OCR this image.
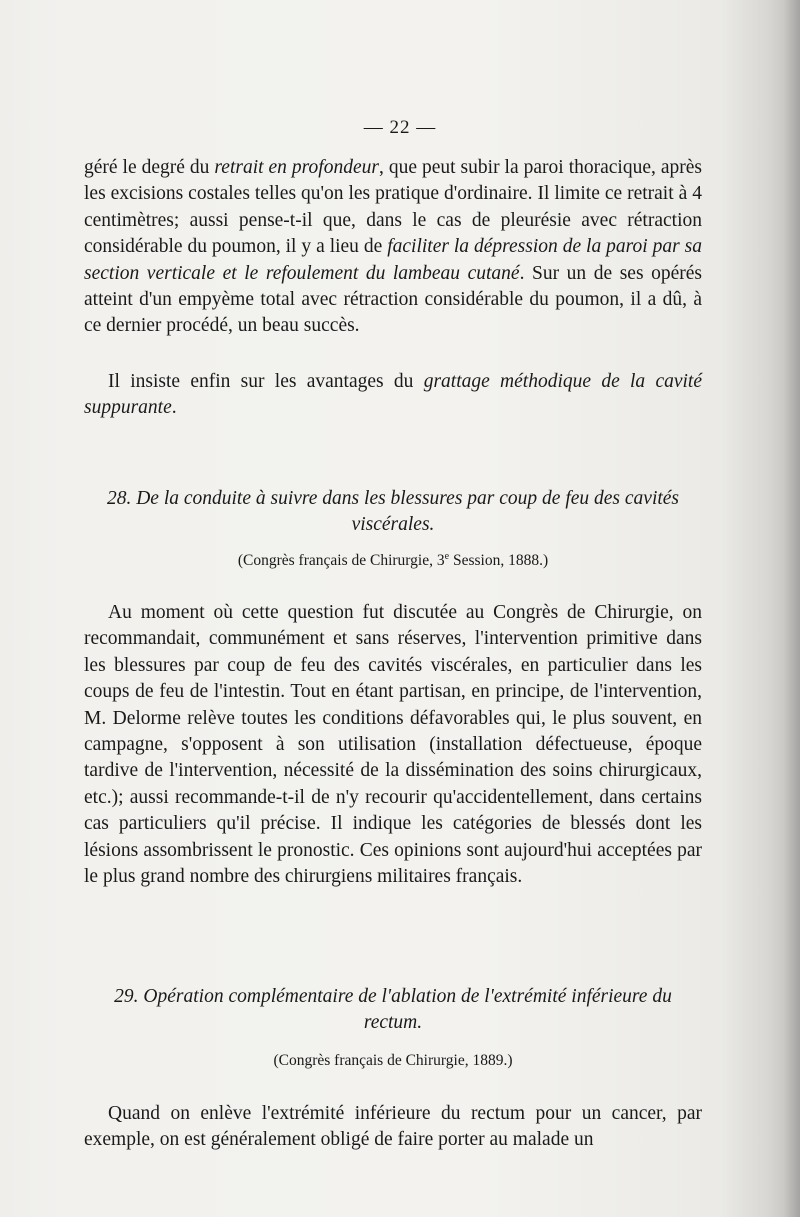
— 22 —

géré le degré du retrait en profondeur, que peut subir la paroi thoracique, après les excisions costales telles qu'on les pratique d'ordinaire. Il limite ce retrait à 4 centimètres; aussi pense-t-il que, dans le cas de pleurésie avec rétraction considérable du poumon, il y a lieu de faciliter la dépression de la paroi par sa section verticale et le refoulement du lambeau cutané. Sur un de ses opérés atteint d'un empyème total avec rétraction considérable du poumon, il a dû, à ce dernier procédé, un beau succès.

Il insiste enfin sur les avantages du grattage méthodique de la cavité suppurante.

28. De la conduite à suivre dans les blessures par coup de feu des cavités viscérales.

(Congrès français de Chirurgie, 3e Session, 1888.)

Au moment où cette question fut discutée au Congrès de Chirurgie, on recommandait, communément et sans réserves, l'intervention primitive dans les blessures par coup de feu des cavités viscérales, en particulier dans les coups de feu de l'intestin. Tout en étant partisan, en principe, de l'intervention, M. Delorme relève toutes les conditions défavorables qui, le plus souvent, en campagne, s'opposent à son utilisation (installation défectueuse, époque tardive de l'intervention, nécessité de la dissémination des soins chirurgicaux, etc.); aussi recommande-t-il de n'y recourir qu'accidentellement, dans certains cas particuliers qu'il précise. Il indique les catégories de blessés dont les lésions assombrissent le pronostic. Ces opinions sont aujourd'hui acceptées par le plus grand nombre des chirurgiens militaires français.

29. Opération complémentaire de l'ablation de l'extrémité inférieure du rectum.

(Congrès français de Chirurgie, 1889.)

Quand on enlève l'extrémité inférieure du rectum pour un cancer, par exemple, on est généralement obligé de faire porter au malade un
